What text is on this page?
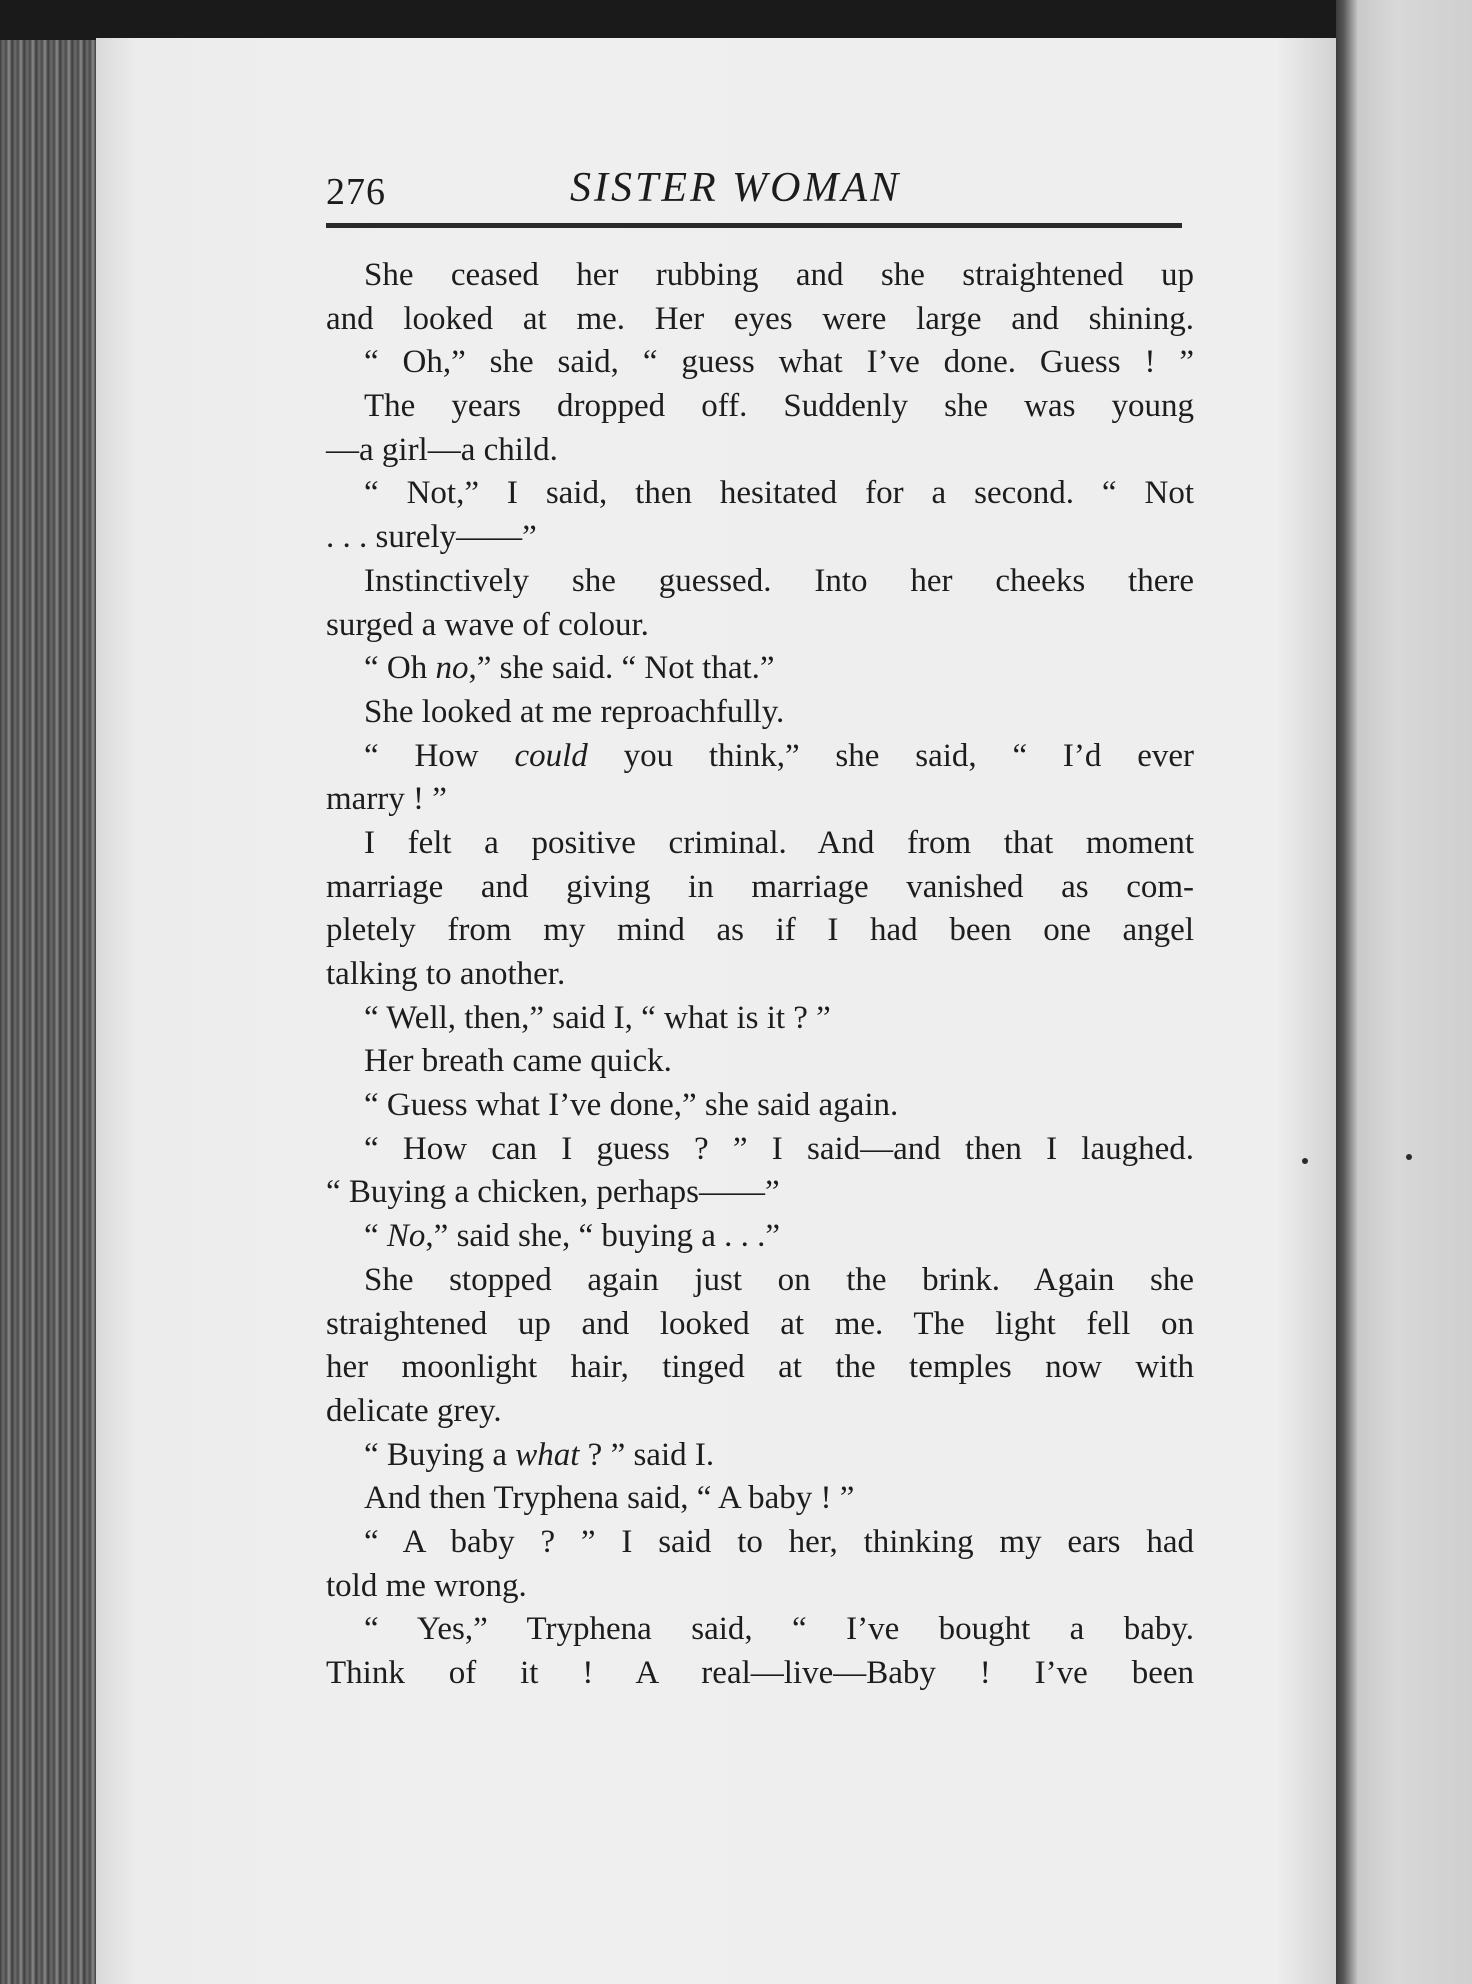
276	SISTER WOMAN
She ceased her rubbing and she straightened up
and looked at me. Her eyes were large and shining.
“ Oh,” she said, “ guess what I’ve done. Guess ! ”
The years dropped off. Suddenly she was young
—a girl—a child.
“ Not,” I said, then hesitated for a second. “ Not
. . . surely——”
Instinctively she guessed. Into her cheeks there
surged a wave of colour.
“ Oh no,” she said. “ Not that.”
She looked at me reproachfully.
“ How could you think,” she said, “ I’d ever
marry ! ”
I felt a positive criminal. And from that moment
marriage and giving in marriage vanished as com-
pletely from my mind as if I had been one angel
talking to another.
“ Well, then,” said I, “ what is it ? ”
Her breath came quick.
“ Guess what I’ve done,” she said again.
“ How can I guess ? ” I said—and then I laughed.
“ Buying a chicken, perhaps——”
“ No,” said she, “ buying a . . .”
She stopped again just on the brink. Again she
straightened up and looked at me. The light fell on
her moonlight hair, tinged at the temples now with
delicate grey.
“ Buying a what ? ” said I.
And then Tryphena said, “ A baby ! ”
“ A baby ? ” I said to her, thinking my ears had
told me wrong.
“ Yes,” Tryphena said, “ I’ve bought a baby.
Think of it ! A real—live—Baby ! I’ve been
